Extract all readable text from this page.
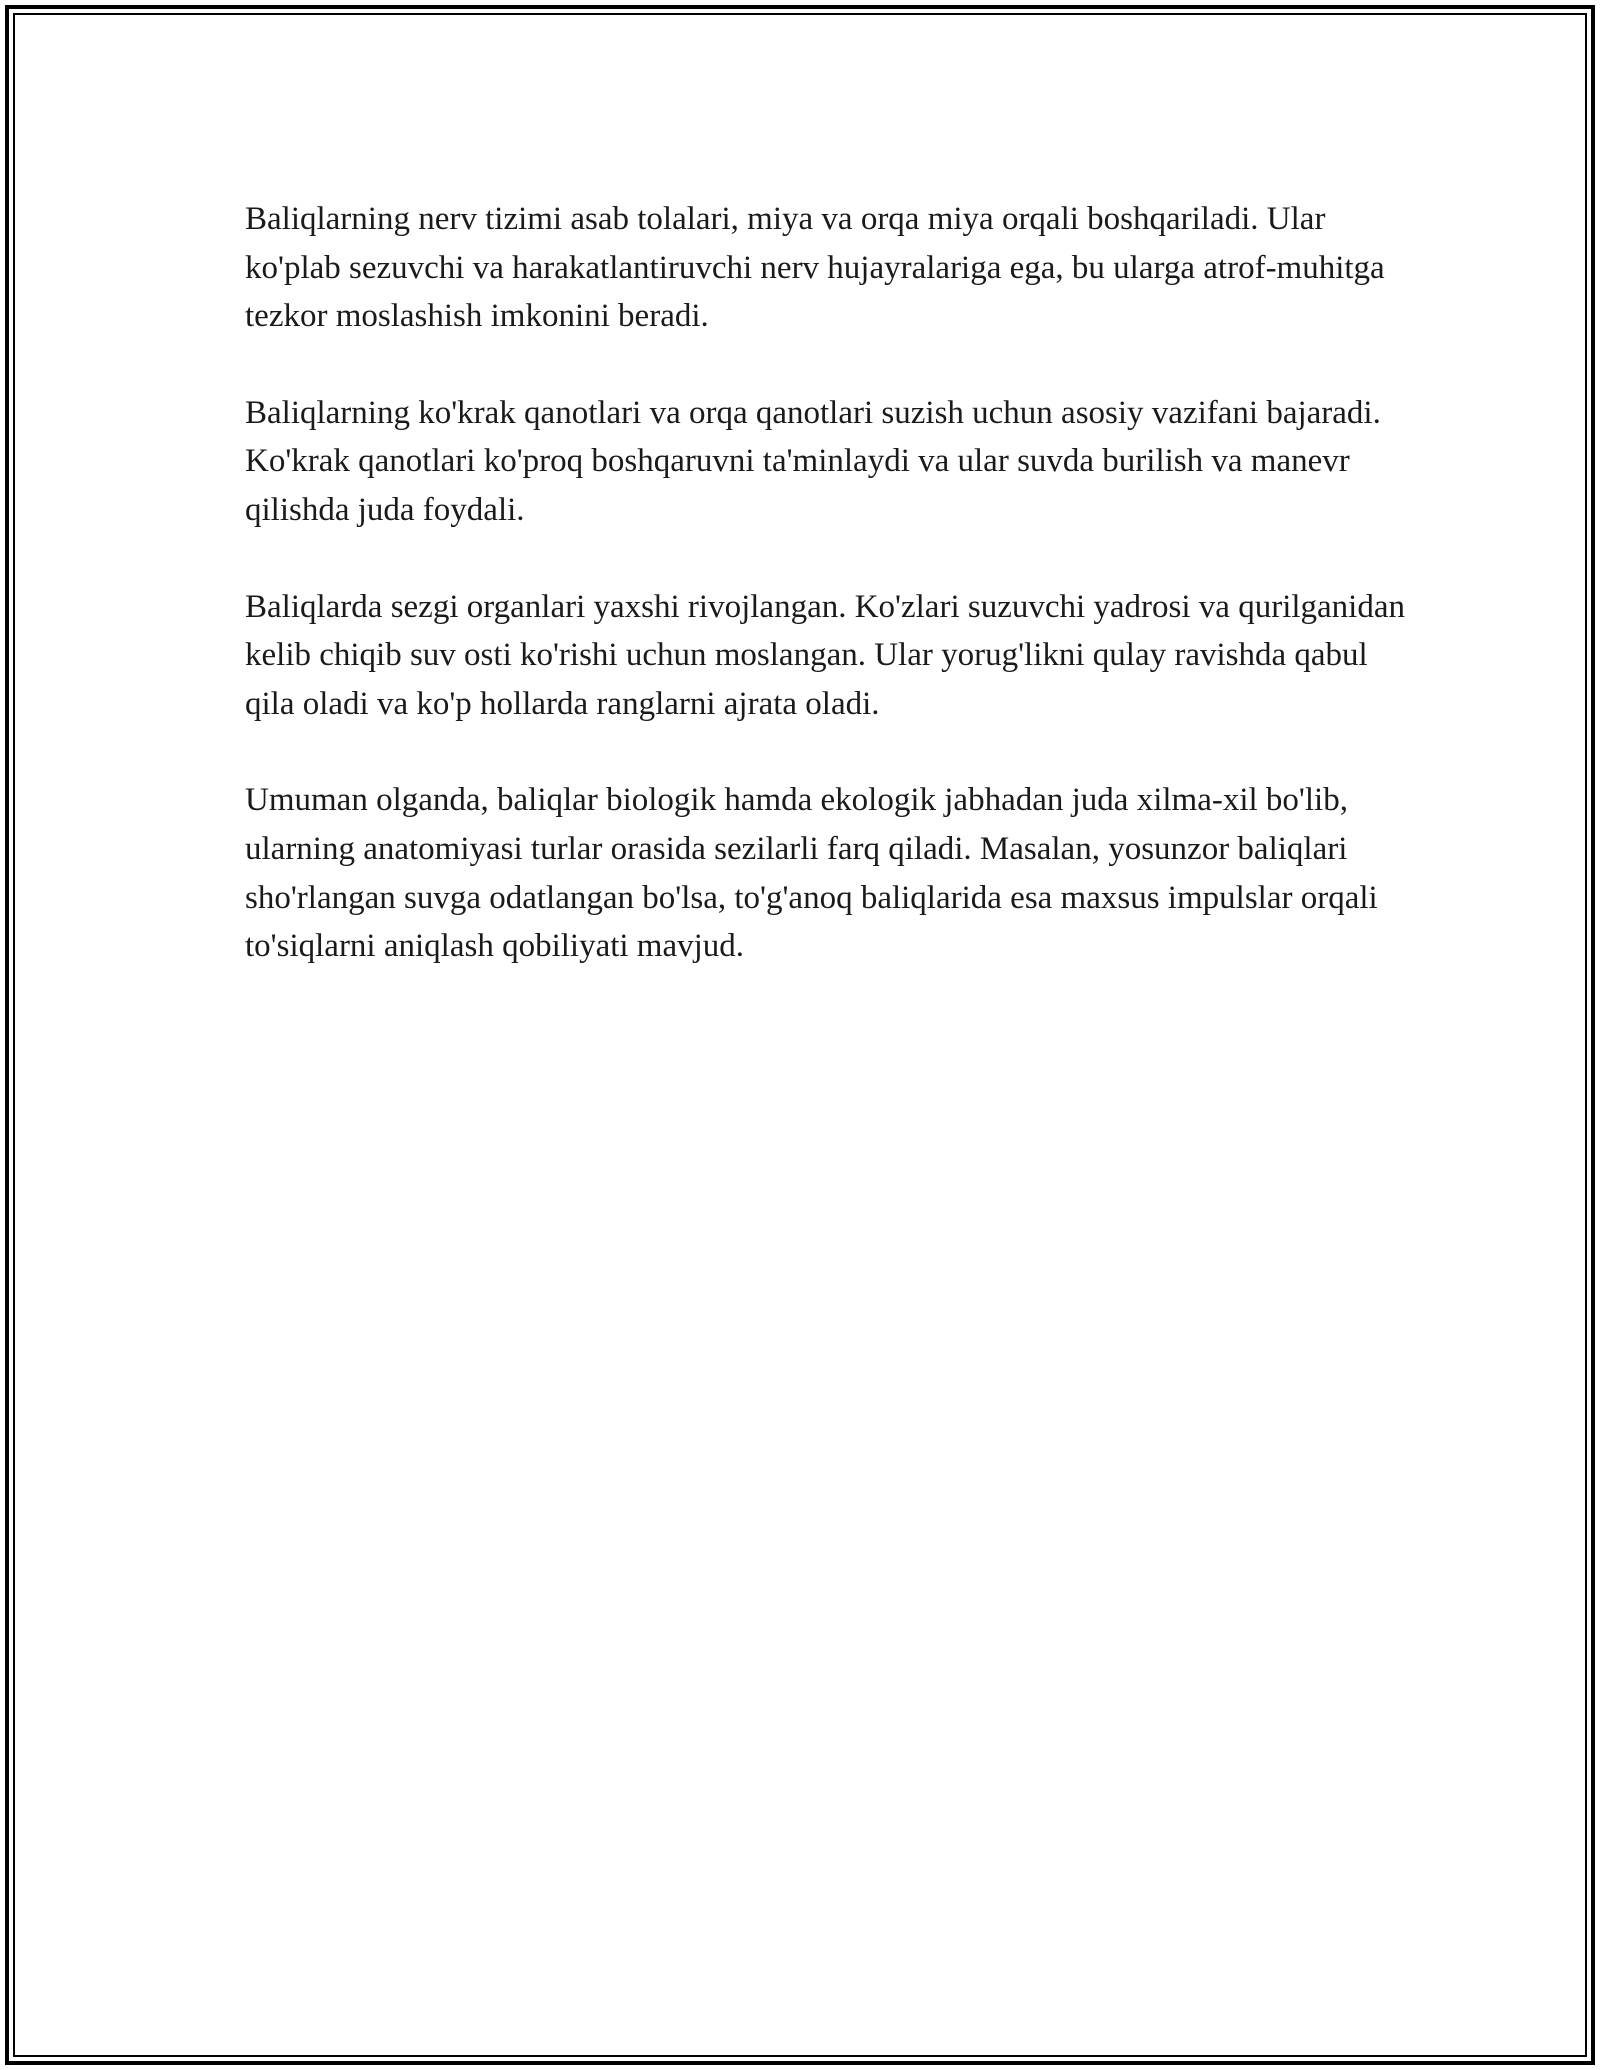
Baliqlarning nerv tizimi asab tolalari, miya va orqa miya orqali boshqariladi. Ular ko'plab sezuvchi va harakatlantiruvchi nerv hujayralariga ega, bu ularga atrof-muhitga tezkor moslashish imkonini beradi.

Baliqlarning ko'krak qanotlari va orqa qanotlari suzish uchun asosiy vazifani bajaradi. Ko'krak qanotlari ko'proq boshqaruvni ta'minlaydi va ular suvda burilish va manevr qilishda juda foydali.

Baliqlarda sezgi organlari yaxshi rivojlangan. Ko'zlari suzuvchi yadrosi va qurilganidan kelib chiqib suv osti ko'rishi uchun moslangan. Ular yorug'likni qulay ravishda qabul qila oladi va ko'p hollarda ranglarni ajrata oladi.

Umuman olganda, baliqlar biologik hamda ekologik jabhadan juda xilma-xil bo'lib, ularning anatomiyasi turlar orasida sezilarli farq qiladi. Masalan, yosunzor baliqlari sho'rlangan suvga odatlangan bo'lsa, to'g'anoq baliqlarida esa maxsus impulslar orqali to'siqlarni aniqlash qobiliyati mavjud.
